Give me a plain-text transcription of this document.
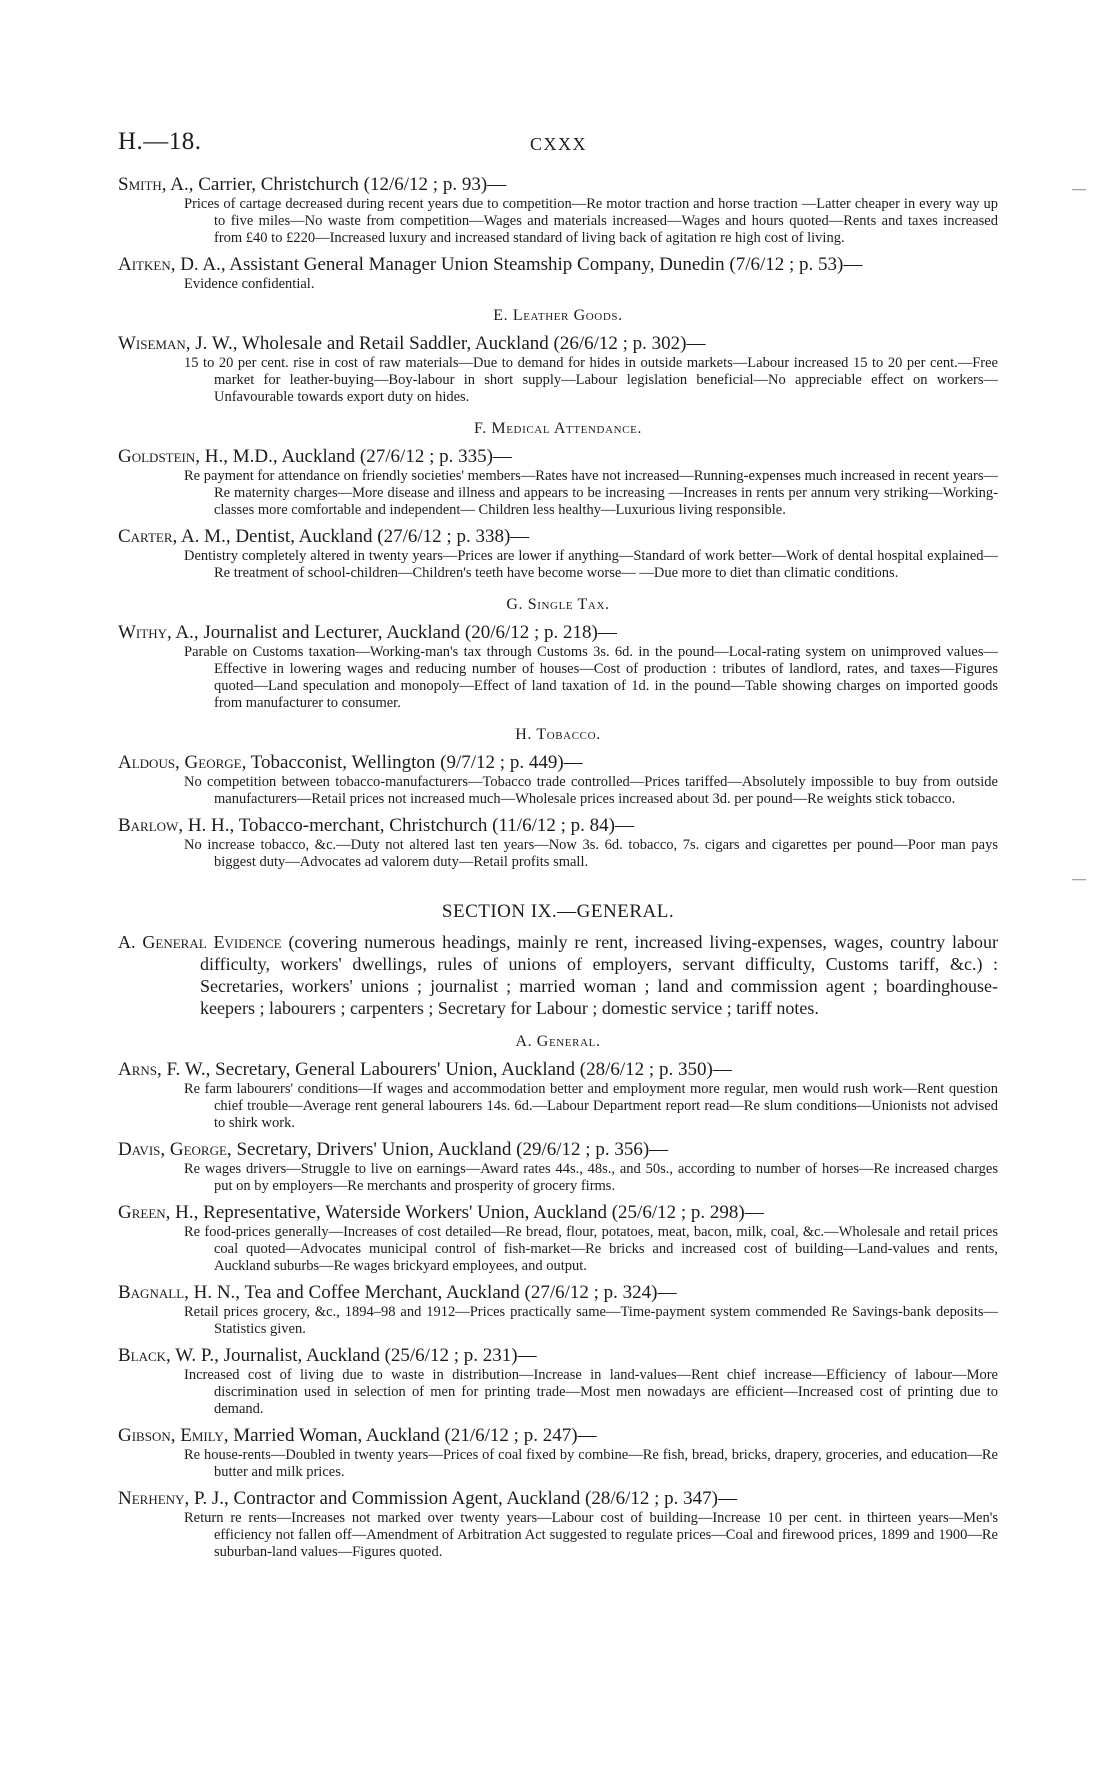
H.—18.	CXXX
—
—
Smith, A., Carrier, Christchurch (12/6/12 ; p. 93)—
Prices of cartage decreased during recent years due to competition—Re motor traction and horse traction —Latter cheaper in every way up to five miles—No waste from competition—Wages and materials increased—Wages and hours quoted—Rents and taxes increased from £40 to £220—Increased luxury and increased standard of living back of agitation re high cost of living.
Aitken, D. A., Assistant General Manager Union Steamship Company, Dunedin (7/6/12 ; p. 53)—
Evidence confidential.
E. Leather Goods.
Wiseman, J. W., Wholesale and Retail Saddler, Auckland (26/6/12 ; p. 302)—
15 to 20 per cent. rise in cost of raw materials—Due to demand for hides in outside markets—Labour increased 15 to 20 per cent.—Free market for leather-buying—Boy-labour in short supply—Labour legislation beneficial—No appreciable effect on workers—Unfavourable towards export duty on hides.
F. Medical Attendance.
Goldstein, H., M.D., Auckland (27/6/12 ; p. 335)—
Re payment for attendance on friendly societies' members—Rates have not increased—Running-expenses much increased in recent years—Re maternity charges—More disease and illness and appears to be increasing —Increases in rents per annum very striking—Working-classes more comfortable and independent— Children less healthy—Luxurious living responsible.
Carter, A. M., Dentist, Auckland (27/6/12 ; p. 338)—
Dentistry completely altered in twenty years—Prices are lower if anything—Standard of work better—Work of dental hospital explained—Re treatment of school-children—Children's teeth have become worse— —Due more to diet than climatic conditions.
G. Single Tax.
Withy, A., Journalist and Lecturer, Auckland (20/6/12 ; p. 218)—
Parable on Customs taxation—Working-man's tax through Customs 3s. 6d. in the pound—Local-rating system on unimproved values—Effective in lowering wages and reducing number of houses—Cost of production : tributes of landlord, rates, and taxes—Figures quoted—Land speculation and monopoly—Effect of land taxation of 1d. in the pound—Table showing charges on imported goods from manufacturer to consumer.
H. Tobacco.
Aldous, George, Tobacconist, Wellington (9/7/12 ; p. 449)—
No competition between tobacco-manufacturers—Tobacco trade controlled—Prices tariffed—Absolutely impossible to buy from outside manufacturers—Retail prices not increased much—Wholesale prices increased about 3d. per pound—Re weights stick tobacco.
Barlow, H. H., Tobacco-merchant, Christchurch (11/6/12 ; p. 84)—
No increase tobacco, &c.—Duty not altered last ten years—Now 3s. 6d. tobacco, 7s. cigars and cigarettes per pound—Poor man pays biggest duty—Advocates ad valorem duty—Retail profits small.
SECTION IX.—GENERAL.
A. General Evidence (covering numerous headings, mainly re rent, increased living-expenses, wages, country labour difficulty, workers' dwellings, rules of unions of employers, servant difficulty, Customs tariff, &c.) : Secretaries, workers' unions ; journalist ; married woman ; land and commission agent ; boardinghouse-keepers ; labourers ; carpenters ; Secretary for Labour ; domestic service ; tariff notes.
A. General.
Arns, F. W., Secretary, General Labourers' Union, Auckland (28/6/12 ; p. 350)—
Re farm labourers' conditions—If wages and accommodation better and employment more regular, men would rush work—Rent question chief trouble—Average rent general labourers 14s. 6d.—Labour Department report read—Re slum conditions—Unionists not advised to shirk work.
Davis, George, Secretary, Drivers' Union, Auckland (29/6/12 ; p. 356)—
Re wages drivers—Struggle to live on earnings—Award rates 44s., 48s., and 50s., according to number of horses—Re increased charges put on by employers—Re merchants and prosperity of grocery firms.
Green, H., Representative, Waterside Workers' Union, Auckland (25/6/12 ; p. 298)—
Re food-prices generally—Increases of cost detailed—Re bread, flour, potatoes, meat, bacon, milk, coal, &c.—Wholesale and retail prices coal quoted—Advocates municipal control of fish-market—Re bricks and increased cost of building—Land-values and rents, Auckland suburbs—Re wages brickyard employees, and output.
Bagnall, H. N., Tea and Coffee Merchant, Auckland (27/6/12 ; p. 324)—
Retail prices grocery, &c., 1894–98 and 1912—Prices practically same—Time-payment system commended Re Savings-bank deposits—Statistics given.
Black, W. P., Journalist, Auckland (25/6/12 ; p. 231)—
Increased cost of living due to waste in distribution—Increase in land-values—Rent chief increase—Efficiency of labour—More discrimination used in selection of men for printing trade—Most men nowadays are efficient—Increased cost of printing due to demand.
Gibson, Emily, Married Woman, Auckland (21/6/12 ; p. 247)—
Re house-rents—Doubled in twenty years—Prices of coal fixed by combine—Re fish, bread, bricks, drapery, groceries, and education—Re butter and milk prices.
Nerheny, P. J., Contractor and Commission Agent, Auckland (28/6/12 ; p. 347)—
Return re rents—Increases not marked over twenty years—Labour cost of building—Increase 10 per cent. in thirteen years—Men's efficiency not fallen off—Amendment of Arbitration Act suggested to regulate prices—Coal and firewood prices, 1899 and 1900—Re suburban-land values—Figures quoted.
